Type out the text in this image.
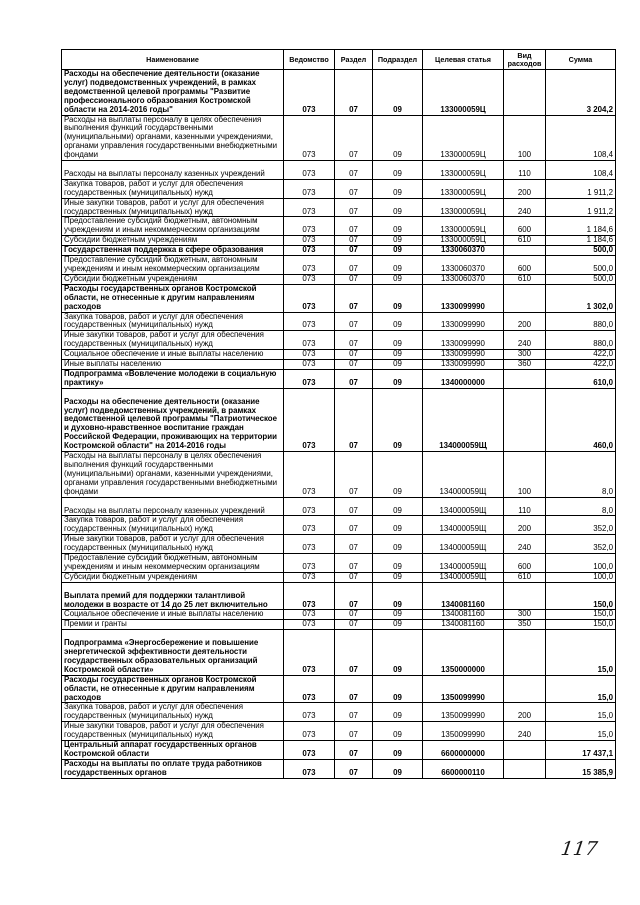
Наименование	Ведомство	Раздел	Подраздел	Целевая статья	Вид расходов	Сумма
Расходы на обеспечение деятельности (оказание услуг) подведомственных учреждений, в рамках ведомственной целевой программы "Развитие профессионального образования Костромской области на 2014-2016 годы"	073	07	09	133000059Ц		3 204,2
Расходы на выплаты персоналу в целях обеспечения выполнения функций государственными (муниципальными) органами, казенными учреждениями, органами управления государственными внебюджетными фондами	073	07	09	133000059Ц	100	108,4
Расходы на выплаты персоналу казенных учреждений	073	07	09	133000059Ц	110	108,4
Закупка товаров, работ и услуг для обеспечения государственных (муниципальных) нужд	073	07	09	133000059Ц	200	1 911,2
Иные закупки товаров, работ и услуг для обеспечения государственных (муниципальных) нужд	073	07	09	133000059Ц	240	1 911,2
Предоставление субсидий бюджетным, автономным учреждениям и иным некоммерческим организациям	073	07	09	133000059Ц	600	1 184,6
Субсидии бюджетным учреждениям	073	07	09	133000059Ц	610	1 184,6
Государственная поддержка в сфере образования	073	07	09	1330060370		500,0
Предоставление субсидий бюджетным, автономным учреждениям и иным некоммерческим организациям	073	07	09	1330060370	600	500,0
Субсидии бюджетным учреждениям	073	07	09	1330060370	610	500,0
Расходы государственных органов Костромской области, не отнесенные к другим направлениям расходов	073	07	09	1330099990		1 302,0
Закупка товаров, работ и услуг для обеспечения государственных (муниципальных) нужд	073	07	09	1330099990	200	880,0
Иные закупки товаров, работ и услуг для обеспечения государственных (муниципальных) нужд	073	07	09	1330099990	240	880,0
Социальное обеспечение и иные выплаты населению	073	07	09	1330099990	300	422,0
Иные выплаты населению	073	07	09	1330099990	360	422,0
Подпрограмма «Вовлечение молодежи в социальную практику»	073	07	09	1340000000		610,0
Расходы на обеспечение деятельности (оказание услуг) подведомственных учреждений, в рамках ведомственной целевой программы "Патриотическое и духовно-нравственное воспитание граждан Российской Федерации, проживающих на территории Костромской области" на 2014-2016 годы	073	07	09	134000059Щ		460,0
Расходы на выплаты персоналу в целях обеспечения выполнения функций государственными (муниципальными) органами, казенными учреждениями, органами управления государственными внебюджетными фондами	073	07	09	134000059Щ	100	8,0
Расходы на выплаты персоналу казенных учреждений	073	07	09	134000059Щ	110	8,0
Закупка товаров, работ и услуг для обеспечения государственных (муниципальных) нужд	073	07	09	134000059Щ	200	352,0
Иные закупки товаров, работ и услуг для обеспечения государственных (муниципальных) нужд	073	07	09	134000059Щ	240	352,0
Предоставление субсидий бюджетным, автономным учреждениям и иным некоммерческим организациям	073	07	09	134000059Щ	600	100,0
Субсидии бюджетным учреждениям	073	07	09	134000059Щ	610	100,0
Выплата премий для поддержки талантливой молодежи в возрасте от 14 до 25 лет включительно	073	07	09	1340081160		150,0
Социальное обеспечение и иные выплаты населению	073	07	09	1340081160	300	150,0
Премии и гранты	073	07	09	1340081160	350	150,0
Подпрограмма «Энергосбережение и повышение энергетической эффективности деятельности государственных образовательных организаций Костромской области»	073	07	09	1350000000		15,0
Расходы государственных органов Костромской области, не отнесенные к другим направлениям расходов	073	07	09	1350099990		15,0
Закупка товаров, работ и услуг для обеспечения государственных (муниципальных) нужд	073	07	09	1350099990	200	15,0
Иные закупки товаров, работ и услуг для обеспечения государственных (муниципальных) нужд	073	07	09	1350099990	240	15,0
Центральный аппарат государственных органов Костромской области	073	07	09	6600000000		17 437,1
Расходы на выплаты по оплате труда работников государственных органов	073	07	09	6600000110		15 385,9
117
